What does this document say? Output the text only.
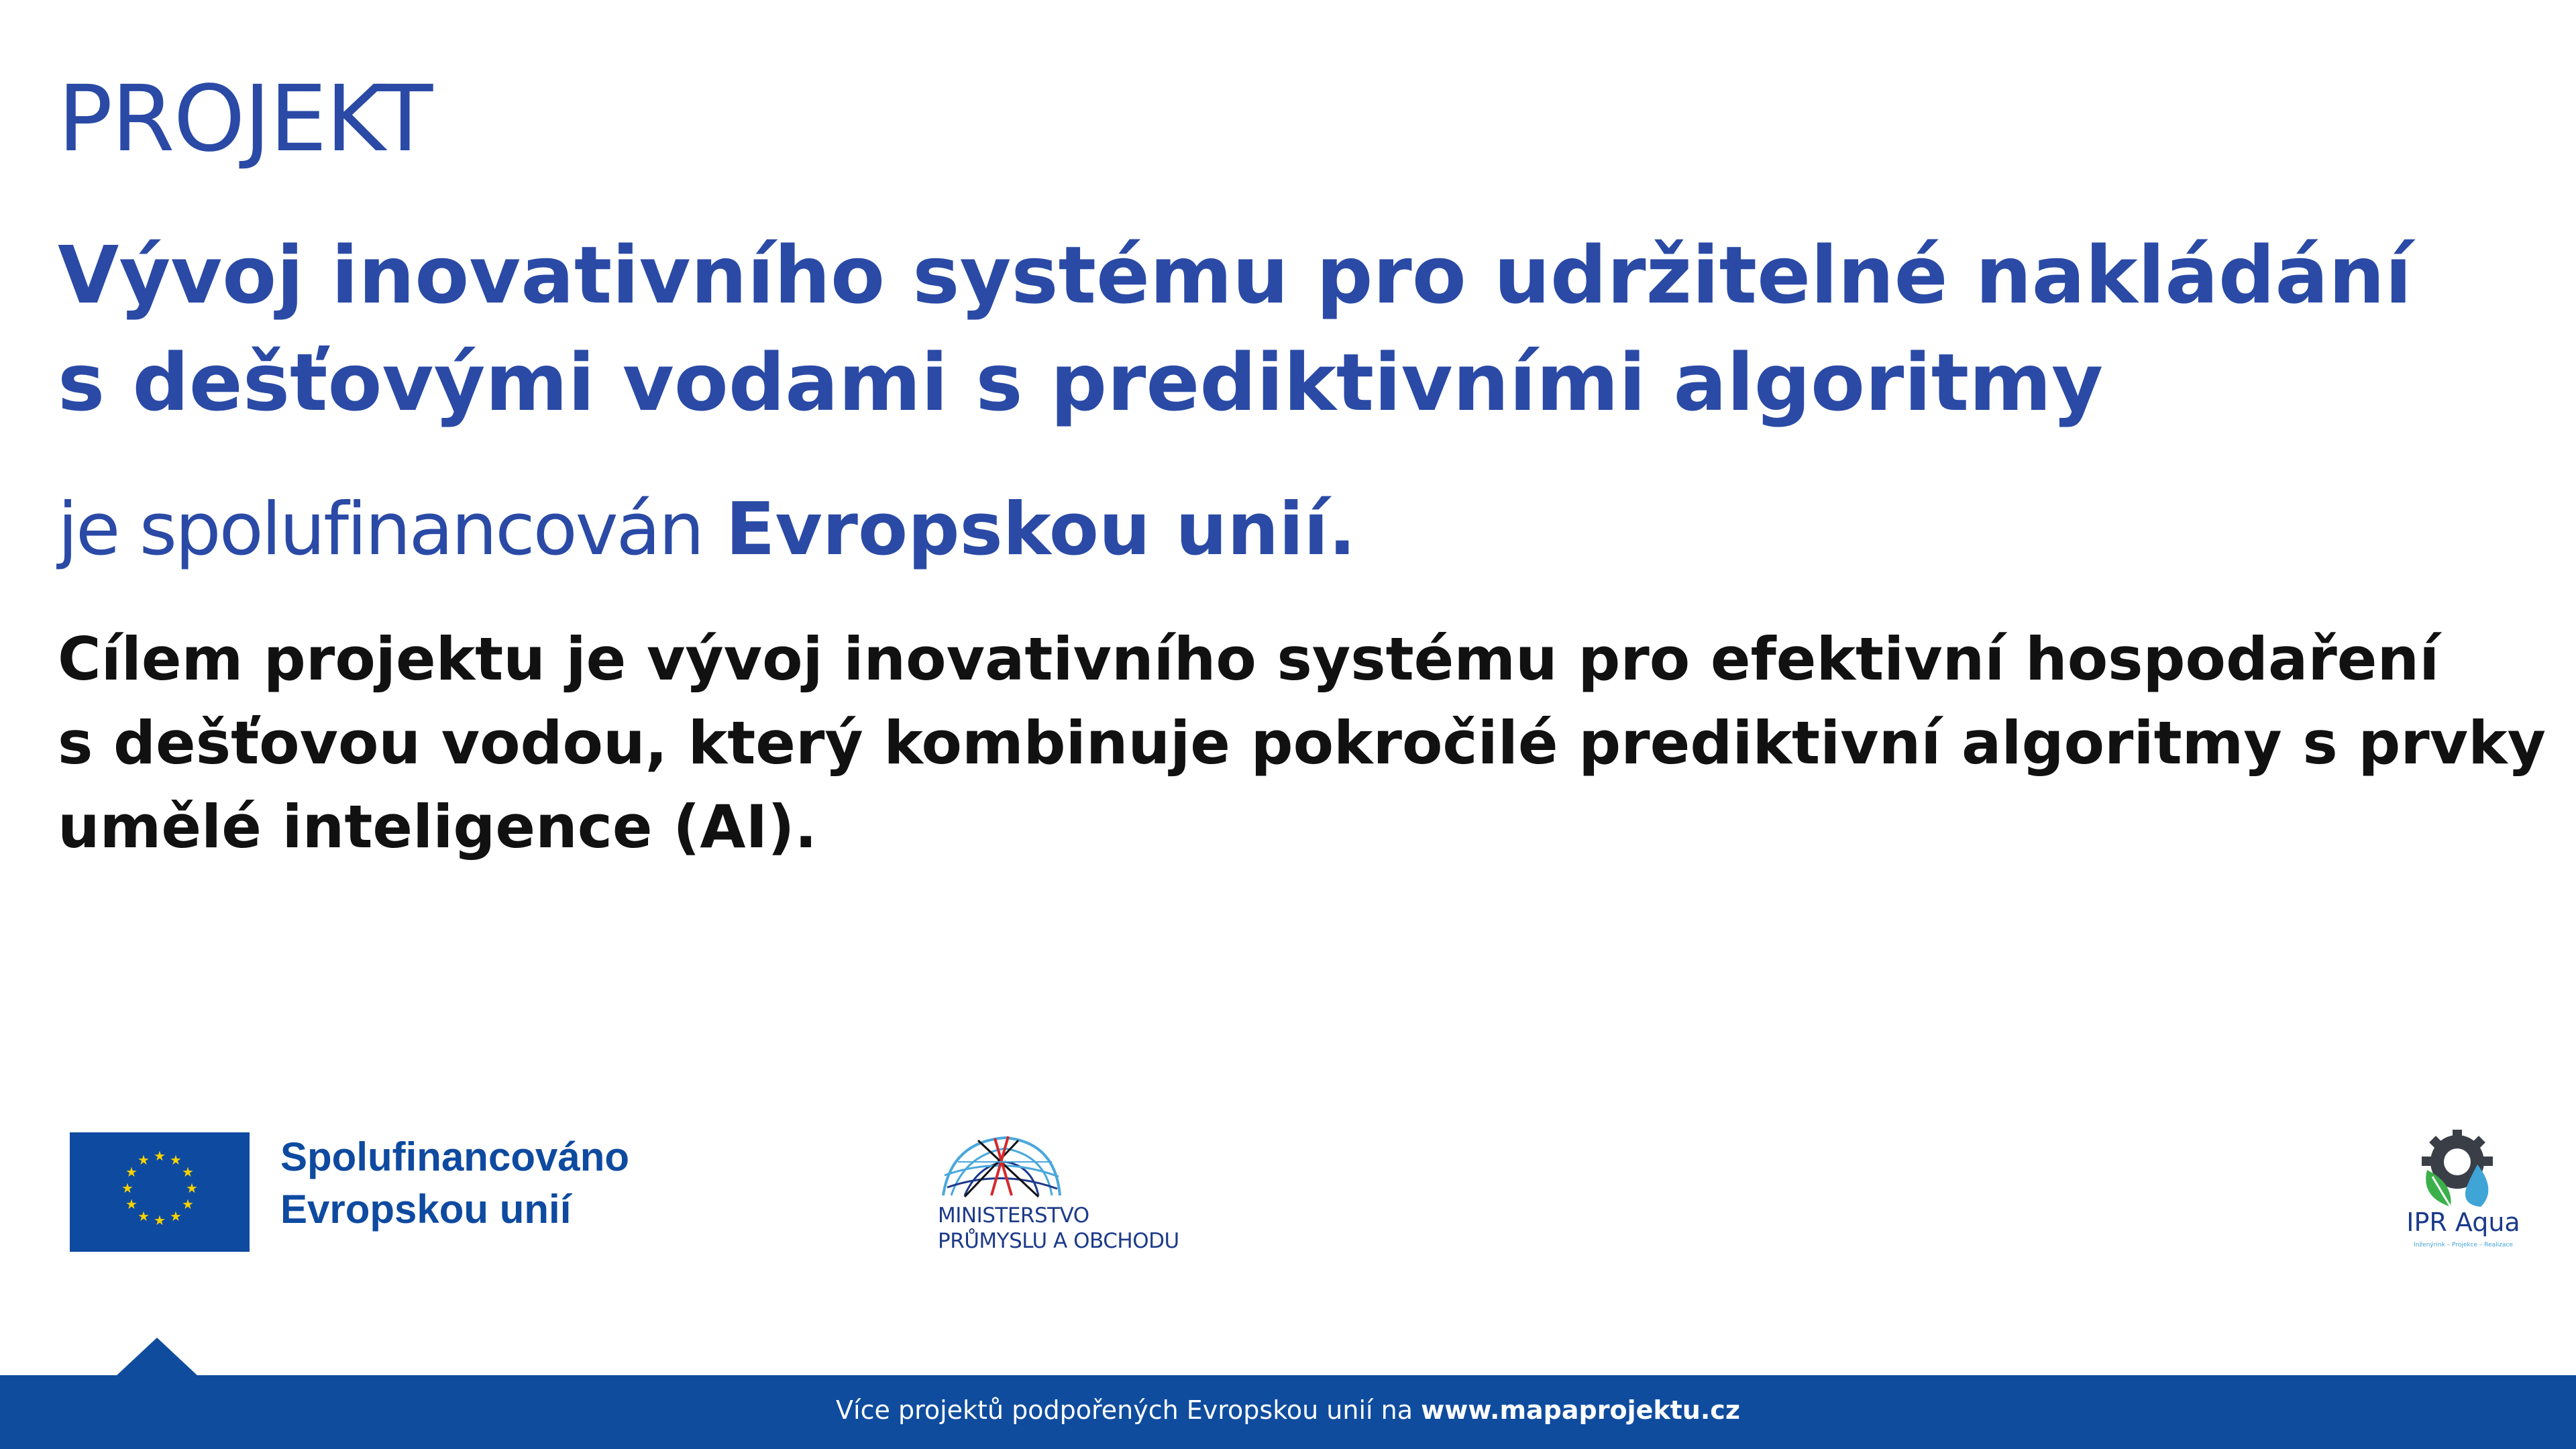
PROJEKT
Vývoj inovativního systému pro udržitelné nakládání
s dešťovými vodami s prediktivními algoritmy
je spolufinancován Evropskou unií.
Cílem projektu je vývoj inovativního systému pro efektivní hospodaření
s dešťovou vodou, který kombinuje pokročilé prediktivní algoritmy s prvky
umělé inteligence (AI).
★ ★
★
★
★
★
★
★
★
★
★
★	Spolufinancováno
Evropskou unií	MINISTERSTVO
PRŮMYSLU A OBCHODU
IPR Aqua
Inženýrink – Projekce – Realizace
Více projektů podpořených Evropskou unií na www.mapaprojektu.cz
